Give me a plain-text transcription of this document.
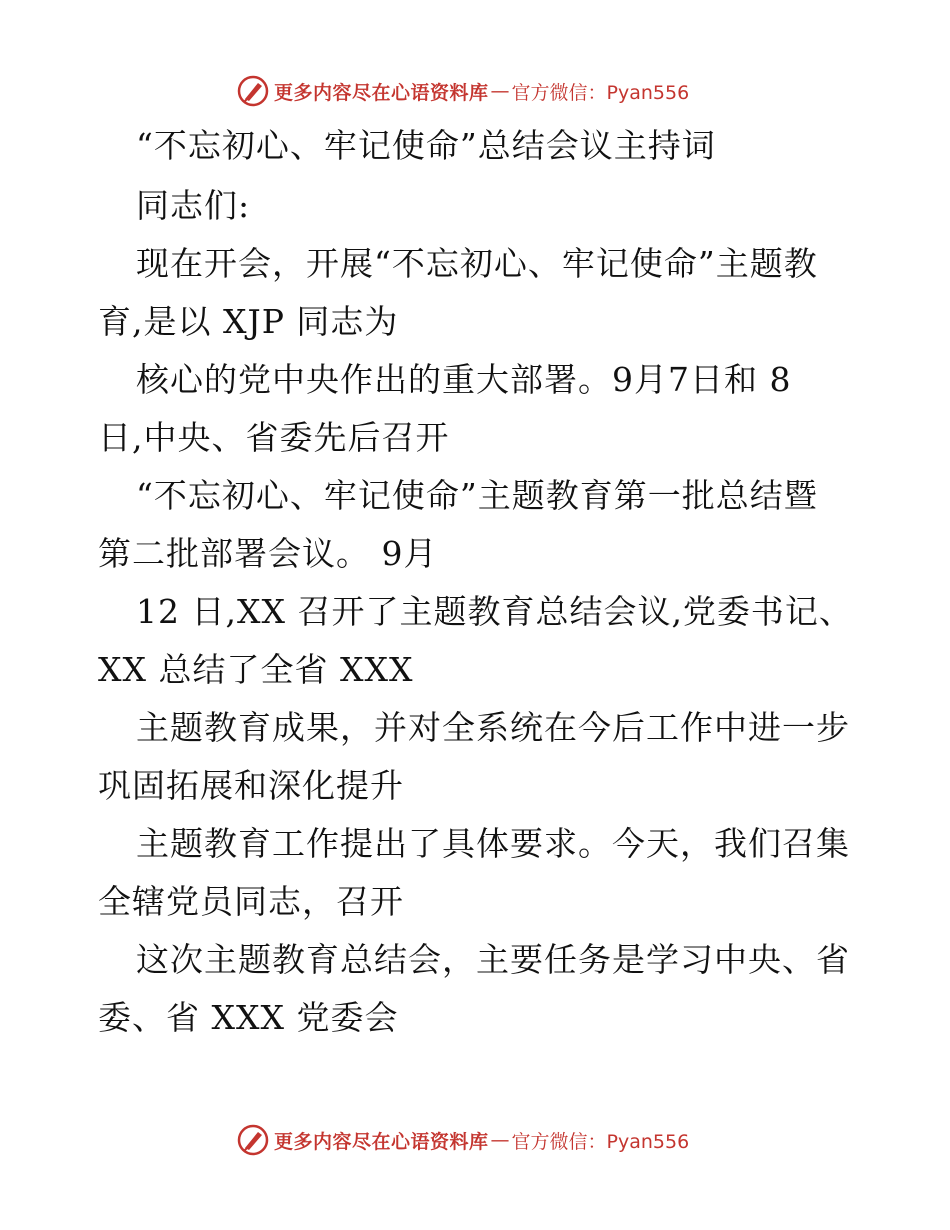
更多内容尽在心语资料库 — 官方微信：Pyan556
“不忘初心、牢记使命”总结会议主持词
同志们:
现在开会，开展“不忘初心、牢记使命”主题教
育,是以 XJP 同志为
核心的党中央作出的重大部署。9月7日和 8
日,中央、省委先后召开
“不忘初心、牢记使命”主题教育第一批总结暨
第二批部署会议。 9月
12 日,XX 召开了主题教育总结会议,党委书记、
XX 总结了全省 XXX
主题教育成果，并对全系统在今后工作中进一步
巩固拓展和深化提升
主题教育工作提出了具体要求。今天，我们召集
全辖党员同志，召开
这次主题教育总结会，主要任务是学习中央、省
委、省 XXX 党委会
更多内容尽在心语资料库 — 官方微信：Pyan556
